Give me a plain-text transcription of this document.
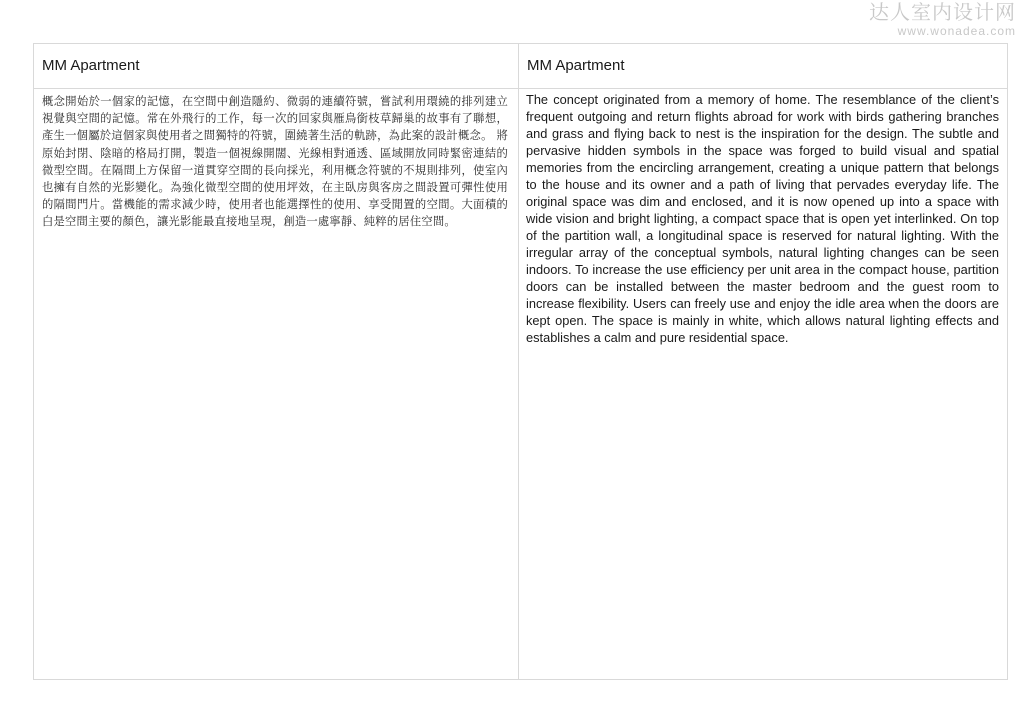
达人室内设计网
www.wonadea.com
MM Apartment	MM Apartment
概念開始於一個家的記憶，在空間中創造隱約、微弱的連續符號，嘗試利用環繞的排列建立視覺與空間的記憶。常在外飛行的工作，每一次的回家與雁鳥銜枝草歸巢的故事有了聯想，產生一個屬於這個家與使用者之間獨特的符號，圍繞著生活的軌跡，為此案的設計概念。 將原始封閉、陰暗的格局打開，製造一個視線開闊、光線相對通透、區域開放同時緊密連結的微型空間。在隔間上方保留一道貫穿空間的長向採光，利用概念符號的不規則排列，使室內也擁有自然的光影變化。為強化微型空間的使用坪效，在主臥房與客房之間設置可彈性使用的隔間門片。當機能的需求減少時，使用者也能選擇性的使用、享受閒置的空間。大面積的白是空間主要的顏色，讓光影能最直接地呈現，創造一處寧靜、純粹的居住空間。
The concept originated from a memory of home. The resemblance of the client’s frequent outgoing and return flights abroad for work with birds gathering branches and grass and flying back to nest is the inspiration for the design. The subtle and pervasive hidden symbols in the space was forged to build visual and spatial memories from the encircling arrangement, creating a unique pattern that belongs to the house and its owner and a path of living that pervades everyday life. The original space was dim and enclosed, and it is now opened up into a space with wide vision and bright lighting, a compact space that is open yet interlinked. On top of the partition wall, a longitudinal space is reserved for natural lighting. With the irregular array of the conceptual symbols, natural lighting changes can be seen indoors. To increase the use efficiency per unit area in the compact house, partition doors can be installed between the master bedroom and the guest room to increase flexibility. Users can freely use and enjoy the idle area when the doors are kept open. The space is mainly in white, which allows natural lighting effects and establishes a calm and pure residential space.
